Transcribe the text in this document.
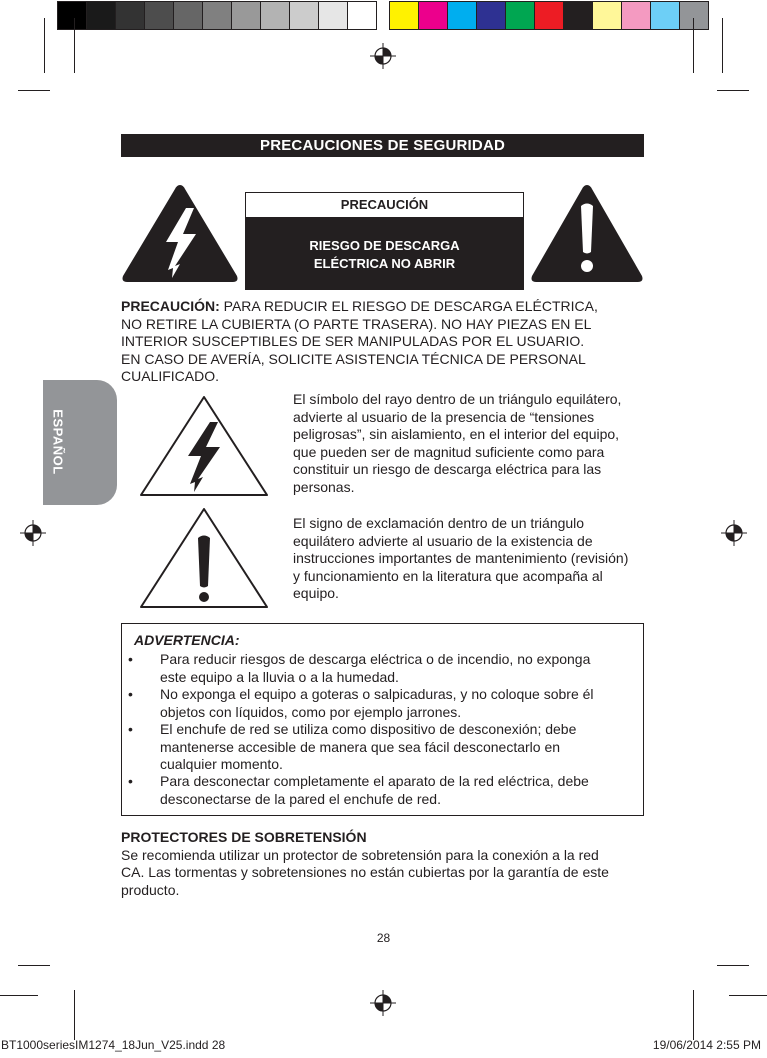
PRECAUCIONES DE SEGURIDAD
PRECAUCIÓN
RIESGO DE DESCARGA
ELÉCTRICA NO ABRIR
PRECAUCIÓN: PARA REDUCIR EL RIESGO DE DESCARGA ELÉCTRICA,
NO RETIRE LA CUBIERTA (O PARTE TRASERA). NO HAY PIEZAS EN EL
INTERIOR SUSCEPTIBLES DE SER MANIPULADAS POR EL USUARIO.
EN CASO DE AVERÍA, SOLICITE ASISTENCIA TÉCNICA DE PERSONAL
CUALIFICADO.
ESPAÑOL
El símbolo del rayo dentro de un triángulo equilátero,
advierte al usuario de la presencia de “tensiones
peligrosas”, sin aislamiento, en el interior del equipo,
que pueden ser de magnitud suficiente como para
constituir un riesgo de descarga eléctrica para las
personas.
El signo de exclamación dentro de un triángulo
equilátero advierte al usuario de la existencia de
instrucciones importantes de mantenimiento (revisión)
y funcionamiento en la literatura que acompaña al
equipo.
ADVERTENCIA:
• Para reducir riesgos de descarga eléctrica o de incendio, no exponga
este equipo a la lluvia o a la humedad.
• No exponga el equipo a goteras o salpicaduras, y no coloque sobre él
objetos con líquidos, como por ejemplo jarrones.
• El enchufe de red se utiliza como dispositivo de desconexión; debe
mantenerse accesible de manera que sea fácil desconectarlo en
cualquier momento.
• Para desconectar completamente el aparato de la red eléctrica, debe
desconectarse de la pared el enchufe de red.
PROTECTORES DE SOBRETENSIÓN
Se recomienda utilizar un protector de sobretensión para la conexión a la red
CA. Las tormentas y sobretensiones no están cubiertas por la garantía de este
producto.
28
BT1000seriesIM1274_18Jun_V25.indd 28	19/06/2014 2:55 PM
